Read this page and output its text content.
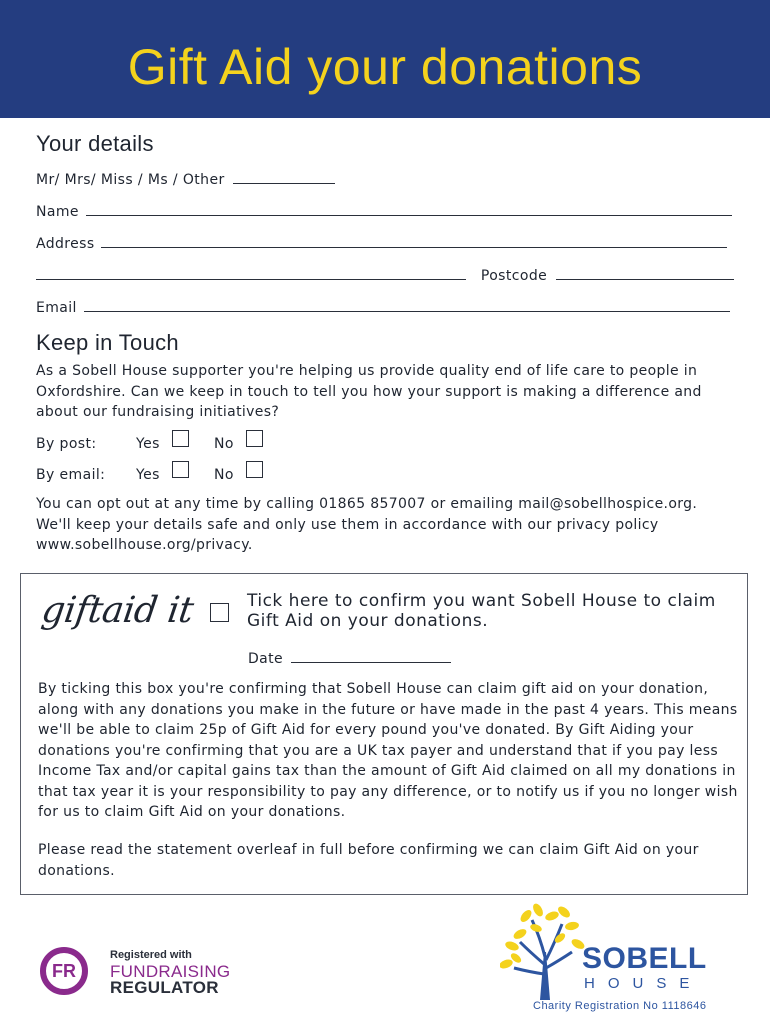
Gift Aid your donations
Your details
Mr/ Mrs/ Miss / Ms / Other
Name
Address
Postcode
Email
Keep in Touch
As a Sobell House supporter you're helping us provide quality end of life care to people in Oxfordshire. Can we keep in touch to tell you how your support is making a difference and about our fundraising initiatives?
By post:	Yes	No
By email: Yes	No
You can opt out at any time by calling 01865 857007 or emailing mail@sobellhospice.org. We'll keep your details safe and only use them in accordance with our privacy policy www.sobellhouse.org/privacy.
giftaid it	Tick here to confirm you want Sobell House to claim Gift Aid on your donations.
Date
By ticking this box you're confirming that Sobell House can claim gift aid on your donation, along with any donations you make in the future or have made in the past 4 years. This means we'll be able to claim 25p of Gift Aid for every pound you've donated. By Gift Aiding your donations you're confirming that you are a UK tax payer and understand that if you pay less Income Tax and/or capital gains tax than the amount of Gift Aid claimed on all my donations in that tax year it is your responsibility to pay any difference, or to notify us if you no longer wish for us to claim Gift Aid on your donations.
Please read the statement overleaf in full before confirming we can claim Gift Aid on your donations.
FR
Registered with
FUNDRAISING
REGULATOR
SOBELL
HOUSE
Charity Registration No 1118646
